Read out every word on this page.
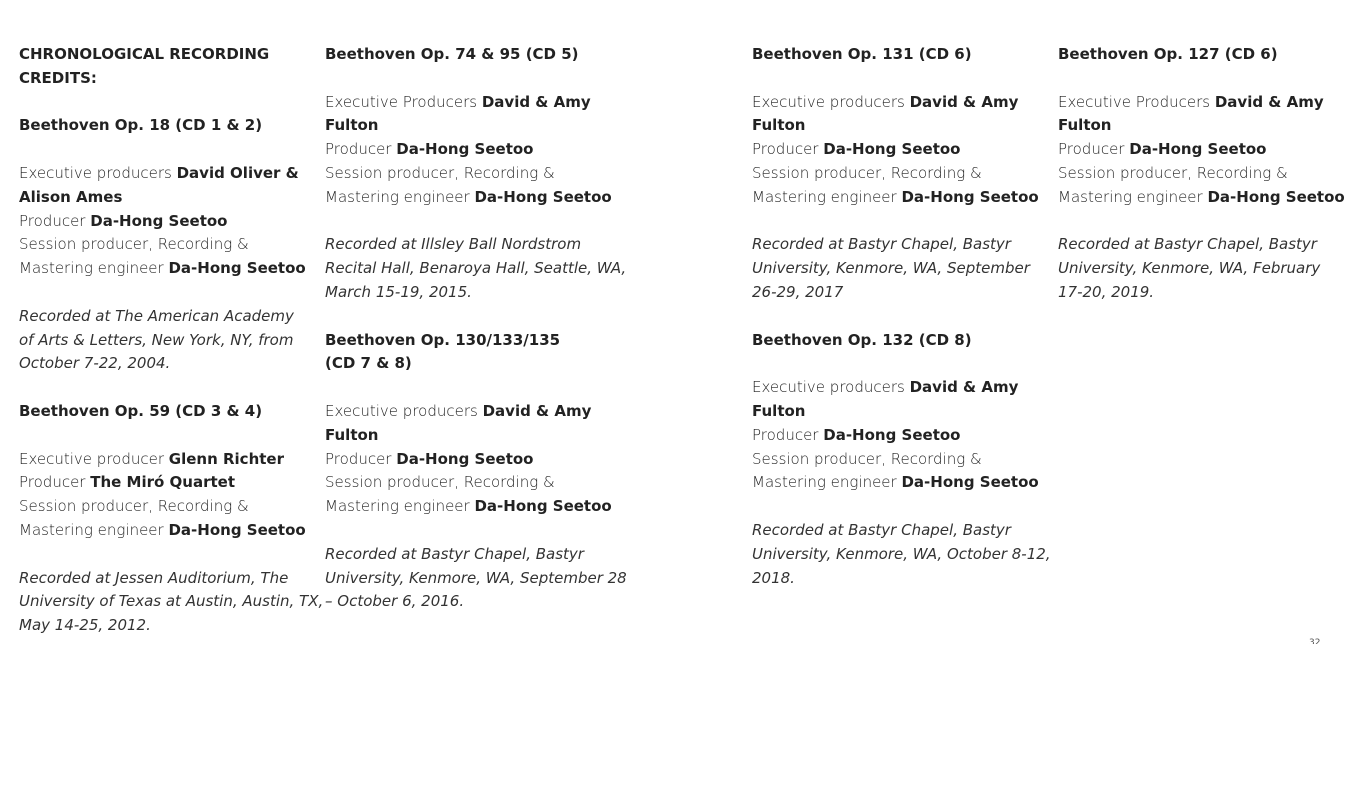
CHRONOLOGICAL RECORDING
CREDITS:
Beethoven Op. 18 (CD 1 & 2)
Executive producers David Oliver &
Alison Ames
Producer Da-Hong Seetoo
Session producer, Recording &
Mastering engineer Da-Hong Seetoo
Recorded at The American Academy
of Arts & Letters, New York, NY, from
October 7-22, 2004.
Beethoven Op. 59 (CD 3 & 4)
Executive producer Glenn Richter
Producer The Miró Quartet
Session producer, Recording &
Mastering engineer Da-Hong Seetoo
Recorded at Jessen Auditorium, The
University of Texas at Austin, Austin, TX,
May 14-25, 2012.
Beethoven Op. 74 & 95 (CD 5)
Executive Producers David & Amy
Fulton
Producer Da-Hong Seetoo
Session producer, Recording &
Mastering engineer Da-Hong Seetoo
Recorded at Illsley Ball Nordstrom
Recital Hall, Benaroya Hall, Seattle, WA,
March 15-19, 2015.
Beethoven Op. 130/133/135
(CD 7 & 8)
Executive producers David & Amy
Fulton
Producer Da-Hong Seetoo
Session producer, Recording &
Mastering engineer Da-Hong Seetoo
Recorded at Bastyr Chapel, Bastyr
University, Kenmore, WA, September 28
– October 6, 2016.
Beethoven Op. 131 (CD 6)
Executive producers David & Amy
Fulton
Producer Da-Hong Seetoo
Session producer, Recording &
Mastering engineer Da-Hong Seetoo
Recorded at Bastyr Chapel, Bastyr
University, Kenmore, WA, September
26-29, 2017
Beethoven Op. 132 (CD 8)
Executive producers David & Amy
Fulton
Producer Da-Hong Seetoo
Session producer, Recording &
Mastering engineer Da-Hong Seetoo
Recorded at Bastyr Chapel, Bastyr
University, Kenmore, WA, October 8-12,
2018.
Beethoven Op. 127 (CD 6)
Executive Producers David & Amy
Fulton
Producer Da-Hong Seetoo
Session producer, Recording &
Mastering engineer Da-Hong Seetoo
Recorded at Bastyr Chapel, Bastyr
University, Kenmore, WA, February
17-20, 2019.
32
